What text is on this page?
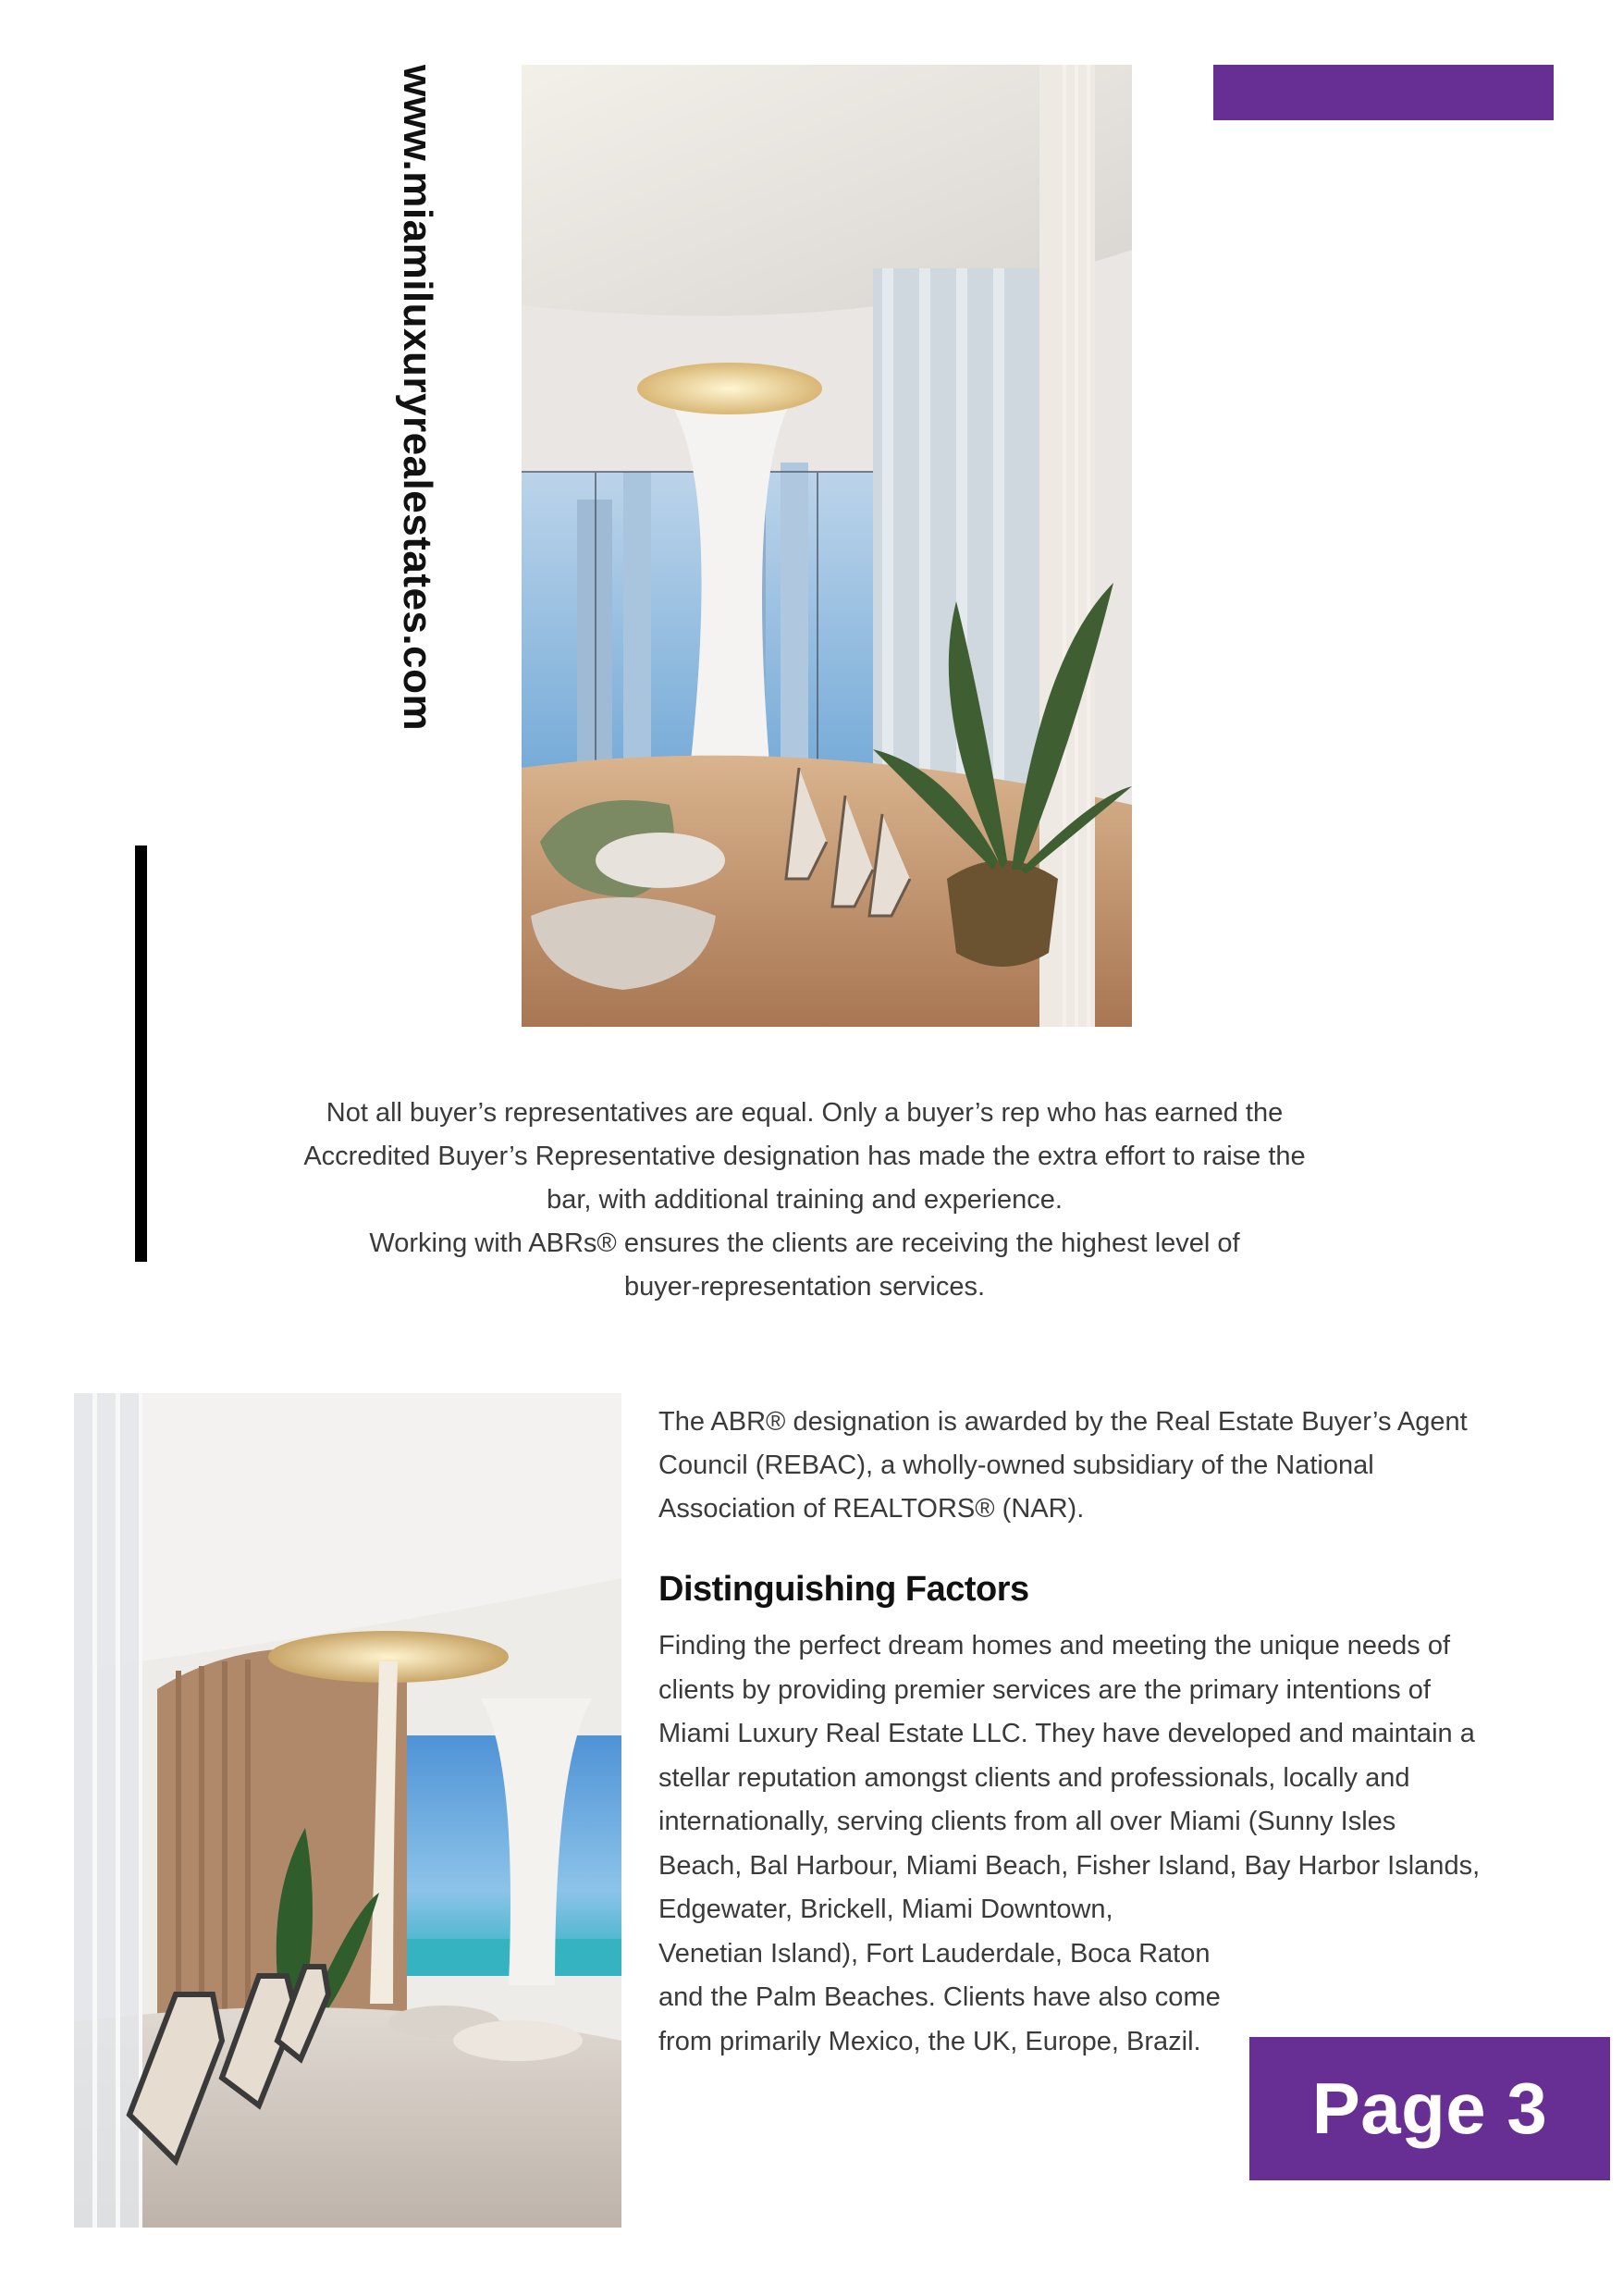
www.miamiluxuryrealestates.com

Not all buyer’s representatives are equal. Only a buyer’s rep who has earned the

Accredited Buyer’s Representative designation has made the extra effort to raise the

bar, with additional training and experience.

Working with ABRs® ensures the clients are receiving the highest level of

buyer-representation services.

The ABR® designation is awarded by the Real Estate Buyer’s Agent
Council (REBAC), a wholly-owned subsidiary of the National
Association of REALTORS® (NAR).
Distinguishing Factors
Finding the perfect dream homes and meeting the unique needs of
clients by providing premier services are the primary intentions of
Miami Luxury Real Estate LLC. They have developed and maintain a
stellar reputation amongst clients and professionals, locally and
internationally, serving clients from all over Miami (Sunny Isles
Beach, Bal Harbour, Miami Beach, Fisher Island, Bay Harbor Islands,
Edgewater, Brickell, Miami Downtown,
Venetian Island), Fort Lauderdale, Boca Raton
and the Palm Beaches. Clients have also come
from primarily Mexico, the UK, Europe, Brazil.
Page 3
